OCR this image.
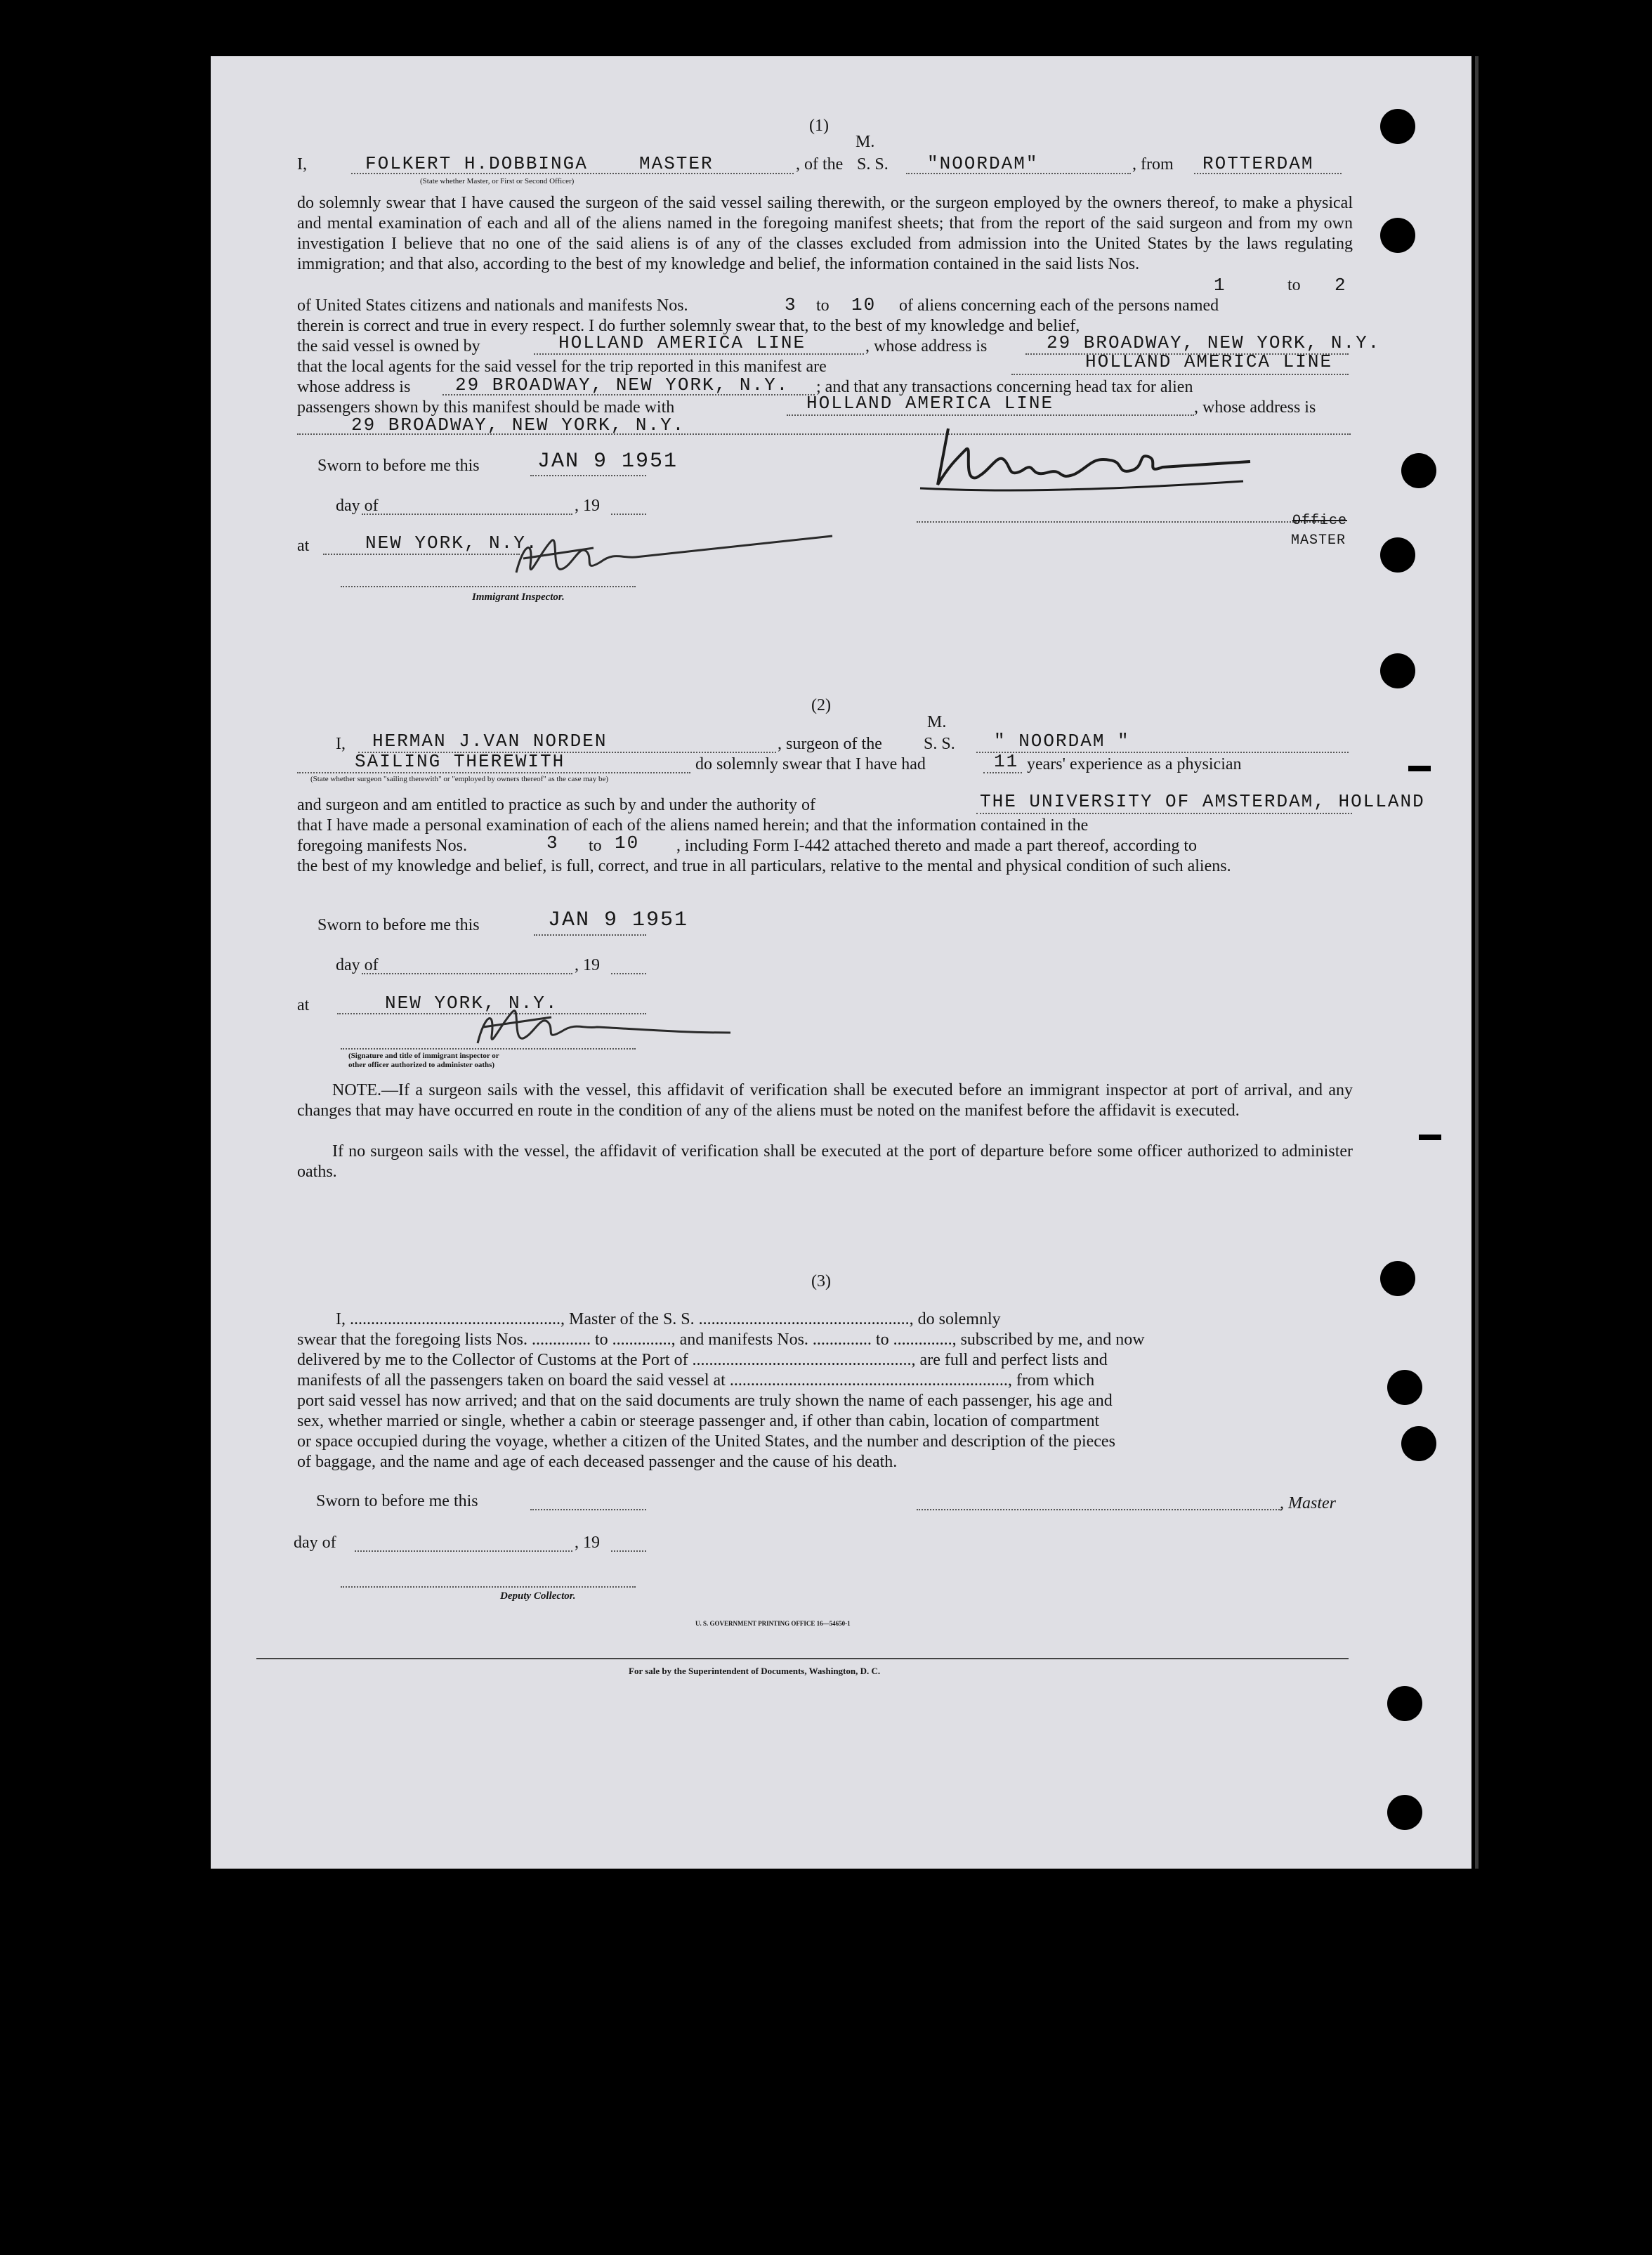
(1)
M.
I,	FOLKERT H.DOBBINGA	MASTER	, of the S. S. "NOORDAM"	, from ROTTERDAM
(State whether Master, or First or Second Officer)
do solemnly swear that I have caused the surgeon of the said vessel sailing therewith, or the surgeon employed by the owners thereof, to make a physical and mental examination of each and all of the aliens named in the foregoing manifest sheets; that from the report of the said surgeon and from my own investigation I believe that no one of the said aliens is of any of the classes excluded from admission into the United States by the laws regulating immigration; and that also, according to the best of my knowledge and belief, the information contained in the said lists Nos.
1	to 2
of United States citizens and nationals and manifests Nos.	3 to 10 of aliens concerning each of the persons named
therein is correct and true in every respect. I do further solemnly swear that, to the best of my knowledge and belief,
the said vessel is owned by	HOLLAND AMERICA LINE	, whose address is	29 BROADWAY, NEW YORK, N.Y.
that the local agents for the said vessel for the trip reported in this manifest are	HOLLAND AMERICA LINE
whose address is 29 BROADWAY, NEW YORK, N.Y. ; and that any transactions concerning head tax for alien
passengers shown by this manifest should be made with	HOLLAND AMERICA LINE	, whose address is
29 BROADWAY, NEW YORK, N.Y.
Sworn to before me this	JAN 9 1951
day of	, 19
at	NEW YORK, N.Y.
Immigrant Inspector.
Office
MASTER
(2)
M.
I, HERMAN J.VAN NORDEN	, surgeon of the S. S. " NOORDAM "
SAILING THEREWITH	do solemnly swear that I have had	11 years' experience as a physician
(State whether surgeon "sailing therewith" or "employed by owners thereof" as the case may be)
and surgeon and am entitled to practice as such by and under the authority of	THE UNIVERSITY OF AMSTERDAM, HOLLAND
that I have made a personal examination of each of the aliens named herein; and that the information contained in the
foregoing manifests Nos.	3 to 10 , including Form I-442 attached thereto and made a part thereof, according to
the best of my knowledge and belief, is full, correct, and true in all particulars, relative to the mental and physical condition of such aliens.
Sworn to before me this	JAN 9 1951
day of	, 19
at	NEW YORK, N.Y.
(Signature and title of immigrant inspector or other officer authorized to administer oaths)
NOTE.—If a surgeon sails with the vessel, this affidavit of verification shall be executed before an immigrant inspector at port of arrival, and any changes that may have occurred en route in the condition of any of the aliens must be noted on the manifest before the affidavit is executed.
If no surgeon sails with the vessel, the affidavit of verification shall be executed at the port of departure before some officer authorized to administer oaths.
(3)
I, .................................................., Master of the S. S. .................................................., do solemnly
swear that the foregoing lists Nos. .............. to .............., and manifests Nos. .............. to .............., subscribed by me, and now
delivered by me to the Collector of Customs at the Port of ...................................................., are full and perfect lists and
manifests of all the passengers taken on board the said vessel at .................................................................., from which
port said vessel has now arrived; and that on the said documents are truly shown the name of each passenger, his age and
sex, whether married or single, whether a cabin or steerage passenger and, if other than cabin, location of compartment
or space occupied during the voyage, whether a citizen of the United States, and the number and description of the pieces
of baggage, and the name and age of each deceased passenger and the cause of his death.
Sworn to before me this	, Master
day of	, 19
Deputy Collector.
U. S. GOVERNMENT PRINTING OFFICE 16—54650-1
For sale by the Superintendent of Documents, Washington, D. C.
